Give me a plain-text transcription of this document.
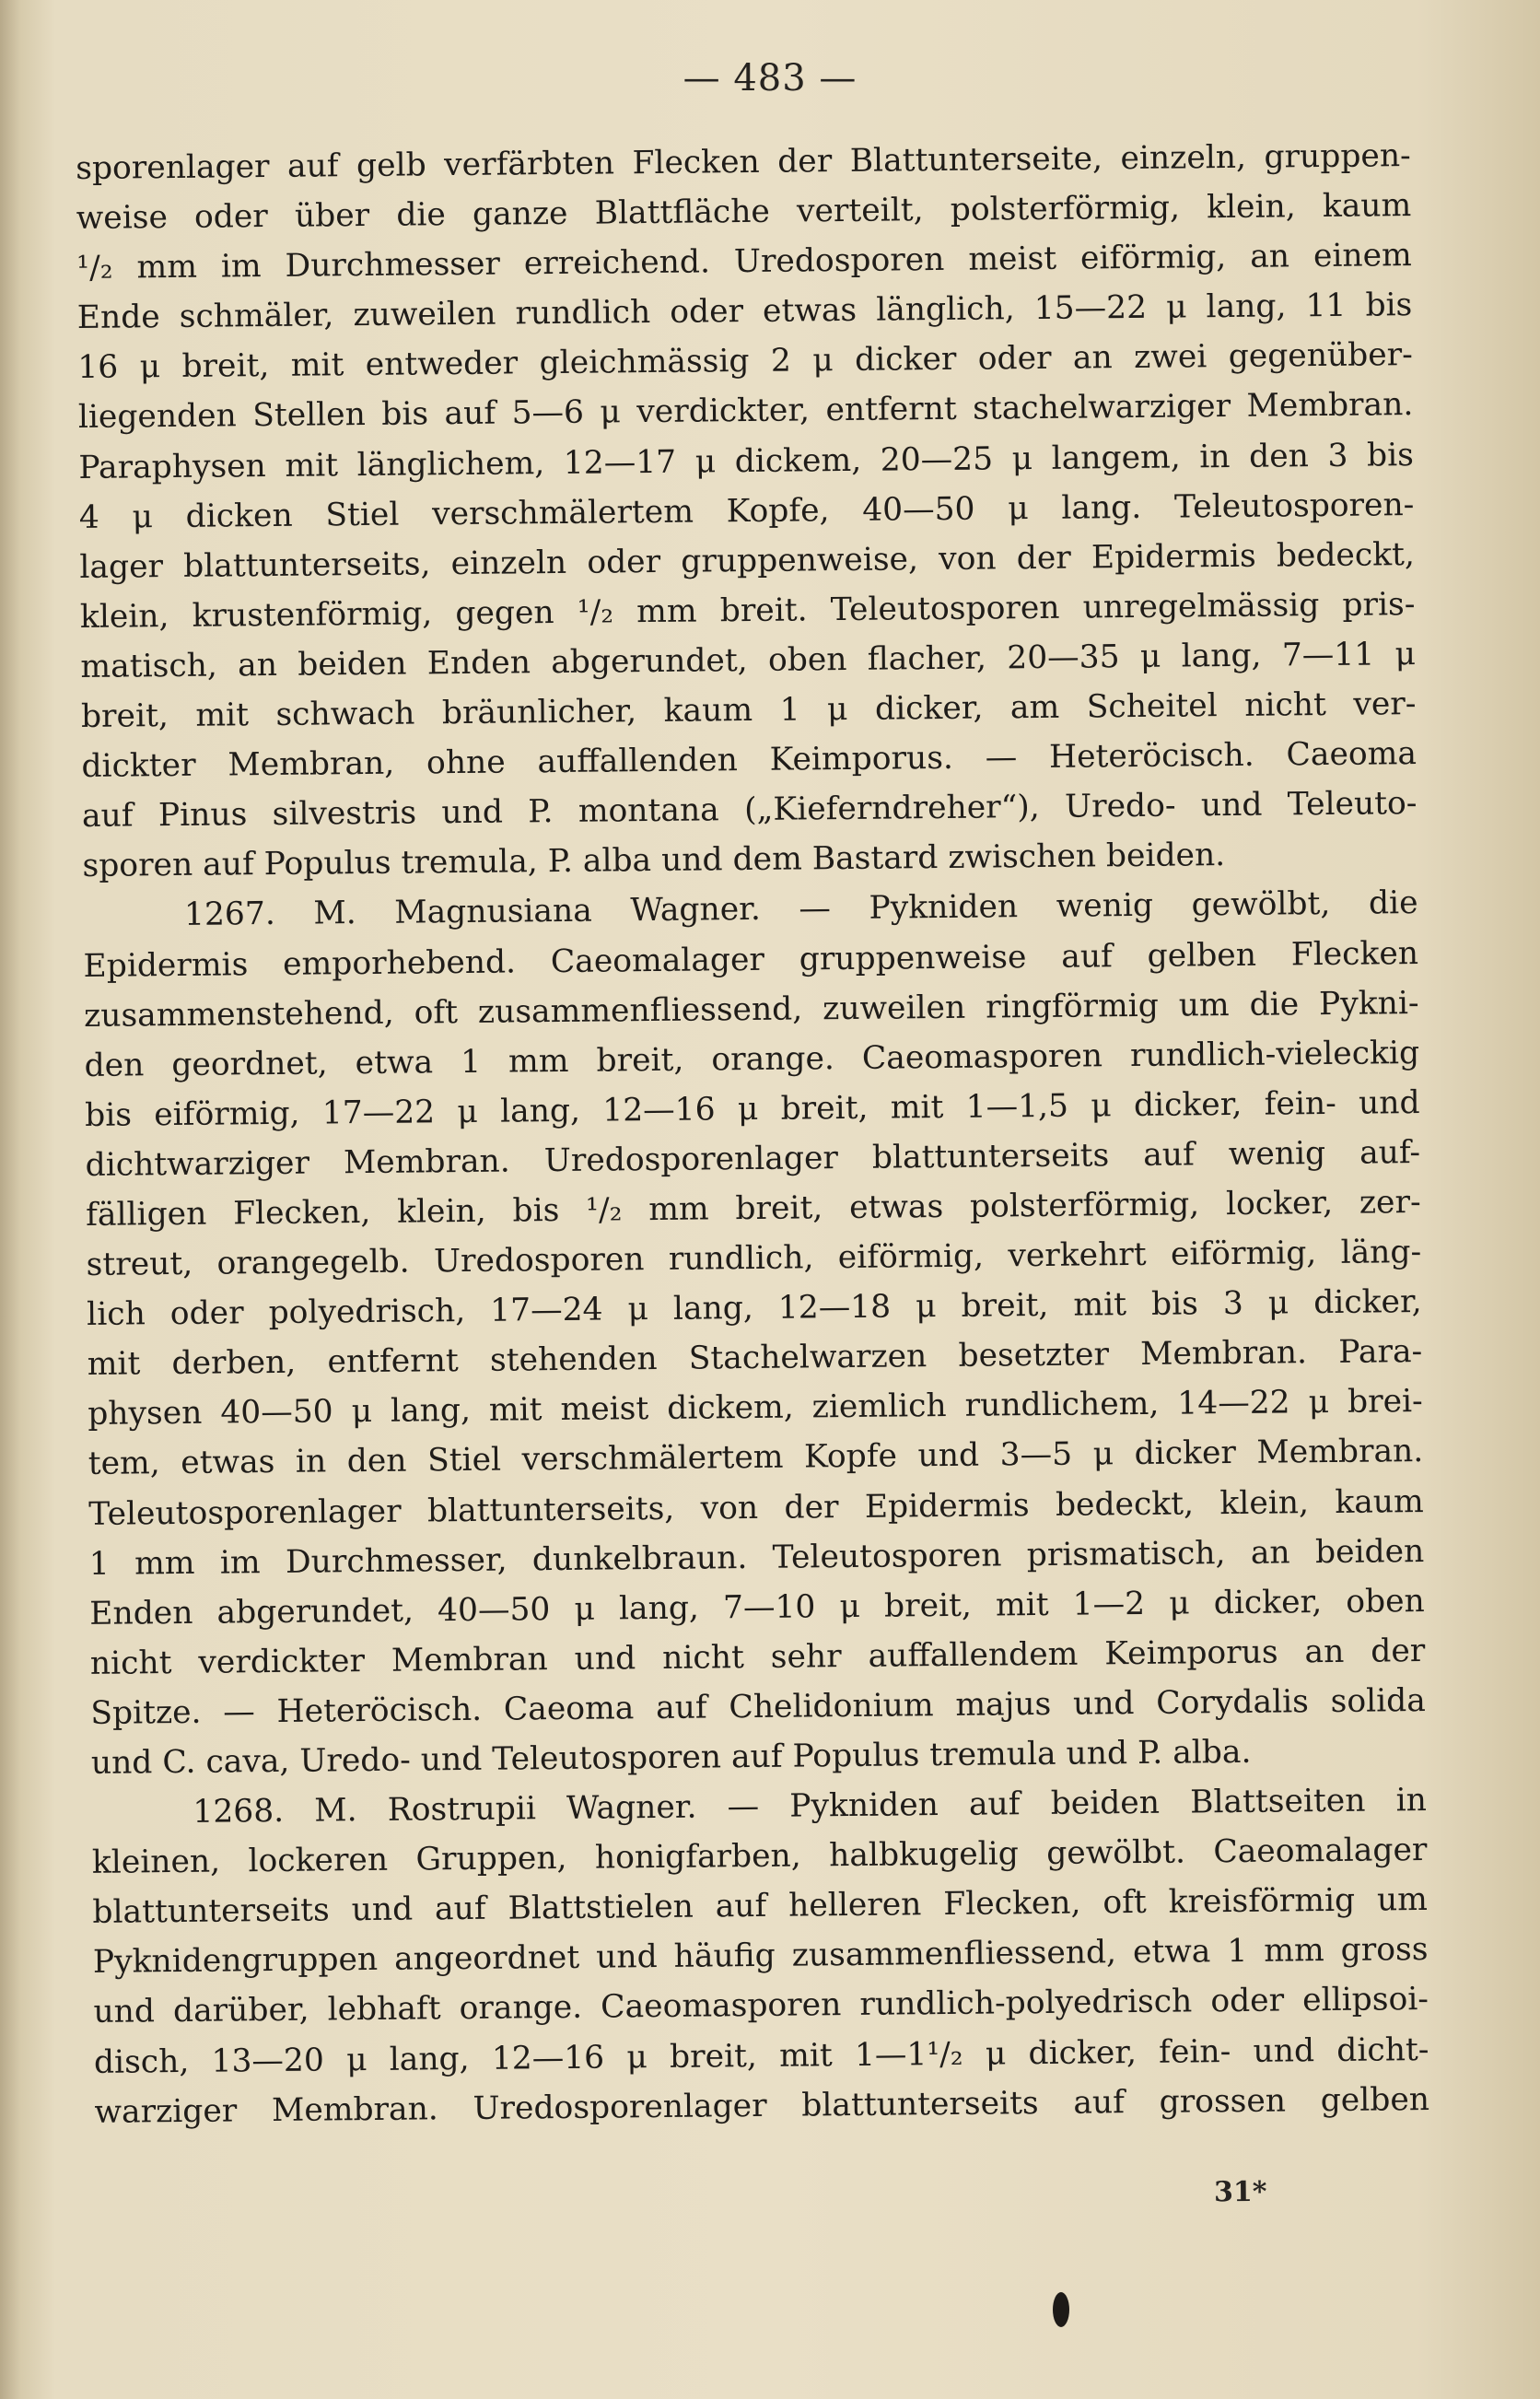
— 483 —
sporenlager auf gelb verfärbten Flecken der Blattunterseite, einzeln, gruppen-
weise oder über die ganze Blattfläche verteilt, polsterförmig, klein, kaum
¹/₂ mm im Durchmesser erreichend. Uredosporen meist eiförmig, an einem
Ende schmäler, zuweilen rundlich oder etwas länglich, 15—22 μ lang, 11 bis
16 μ breit, mit entweder gleichmässig 2 μ dicker oder an zwei gegenüber-
liegenden Stellen bis auf 5—6 μ verdickter, entfernt stachelwarziger Membran.
Paraphysen mit länglichem, 12—17 μ dickem, 20—25 μ langem, in den 3 bis
4 μ dicken Stiel verschmälertem Kopfe, 40—50 μ lang. Teleutosporen-
lager blattunterseits, einzeln oder gruppenweise, von der Epidermis bedeckt,
klein, krustenförmig, gegen ¹/₂ mm breit. Teleutosporen unregelmässig pris-
matisch, an beiden Enden abgerundet, oben flacher, 20—35 μ lang, 7—11 μ
breit, mit schwach bräunlicher, kaum 1 μ dicker, am Scheitel nicht ver-
dickter Membran, ohne auffallenden Keimporus. — Heteröcisch. Caeoma
auf Pinus silvestris und P. montana („Kieferndreher“), Uredo- und Teleuto-
sporen auf Populus tremula, P. alba und dem Bastard zwischen beiden.
1267. M. Magnusiana Wagner. — Pykniden wenig gewölbt, die
Epidermis emporhebend. Caeomalager gruppenweise auf gelben Flecken
zusammenstehend, oft zusammenfliessend, zuweilen ringförmig um die Pykni-
den geordnet, etwa 1 mm breit, orange. Caeomasporen rundlich-vieleckig
bis eiförmig, 17—22 μ lang, 12—16 μ breit, mit 1—1,5 μ dicker, fein- und
dichtwarziger Membran. Uredosporenlager blattunterseits auf wenig auf-
fälligen Flecken, klein, bis ¹/₂ mm breit, etwas polsterförmig, locker, zer-
streut, orangegelb. Uredosporen rundlich, eiförmig, verkehrt eiförmig, läng-
lich oder polyedrisch, 17—24 μ lang, 12—18 μ breit, mit bis 3 μ dicker,
mit derben, entfernt stehenden Stachelwarzen besetzter Membran. Para-
physen 40—50 μ lang, mit meist dickem, ziemlich rundlichem, 14—22 μ brei-
tem, etwas in den Stiel verschmälertem Kopfe und 3—5 μ dicker Membran.
Teleutosporenlager blattunterseits, von der Epidermis bedeckt, klein, kaum
1 mm im Durchmesser, dunkelbraun. Teleutosporen prismatisch, an beiden
Enden abgerundet, 40—50 μ lang, 7—10 μ breit, mit 1—2 μ dicker, oben
nicht verdickter Membran und nicht sehr auffallendem Keimporus an der
Spitze. — Heteröcisch. Caeoma auf Chelidonium majus und Corydalis solida
und C. cava, Uredo- und Teleutosporen auf Populus tremula und P. alba.
1268. M. Rostrupii Wagner. — Pykniden auf beiden Blattseiten in
kleinen, lockeren Gruppen, honigfarben, halbkugelig gewölbt. Caeomalager
blattunterseits und auf Blattstielen auf helleren Flecken, oft kreisförmig um
Pyknidengruppen angeordnet und häufig zusammenfliessend, etwa 1 mm gross
und darüber, lebhaft orange. Caeomasporen rundlich-polyedrisch oder ellipsoi-
disch, 13—20 μ lang, 12—16 μ breit, mit 1—1¹/₂ μ dicker, fein- und dicht-
warziger Membran. Uredosporenlager blattunterseits auf grossen gelben
31*
